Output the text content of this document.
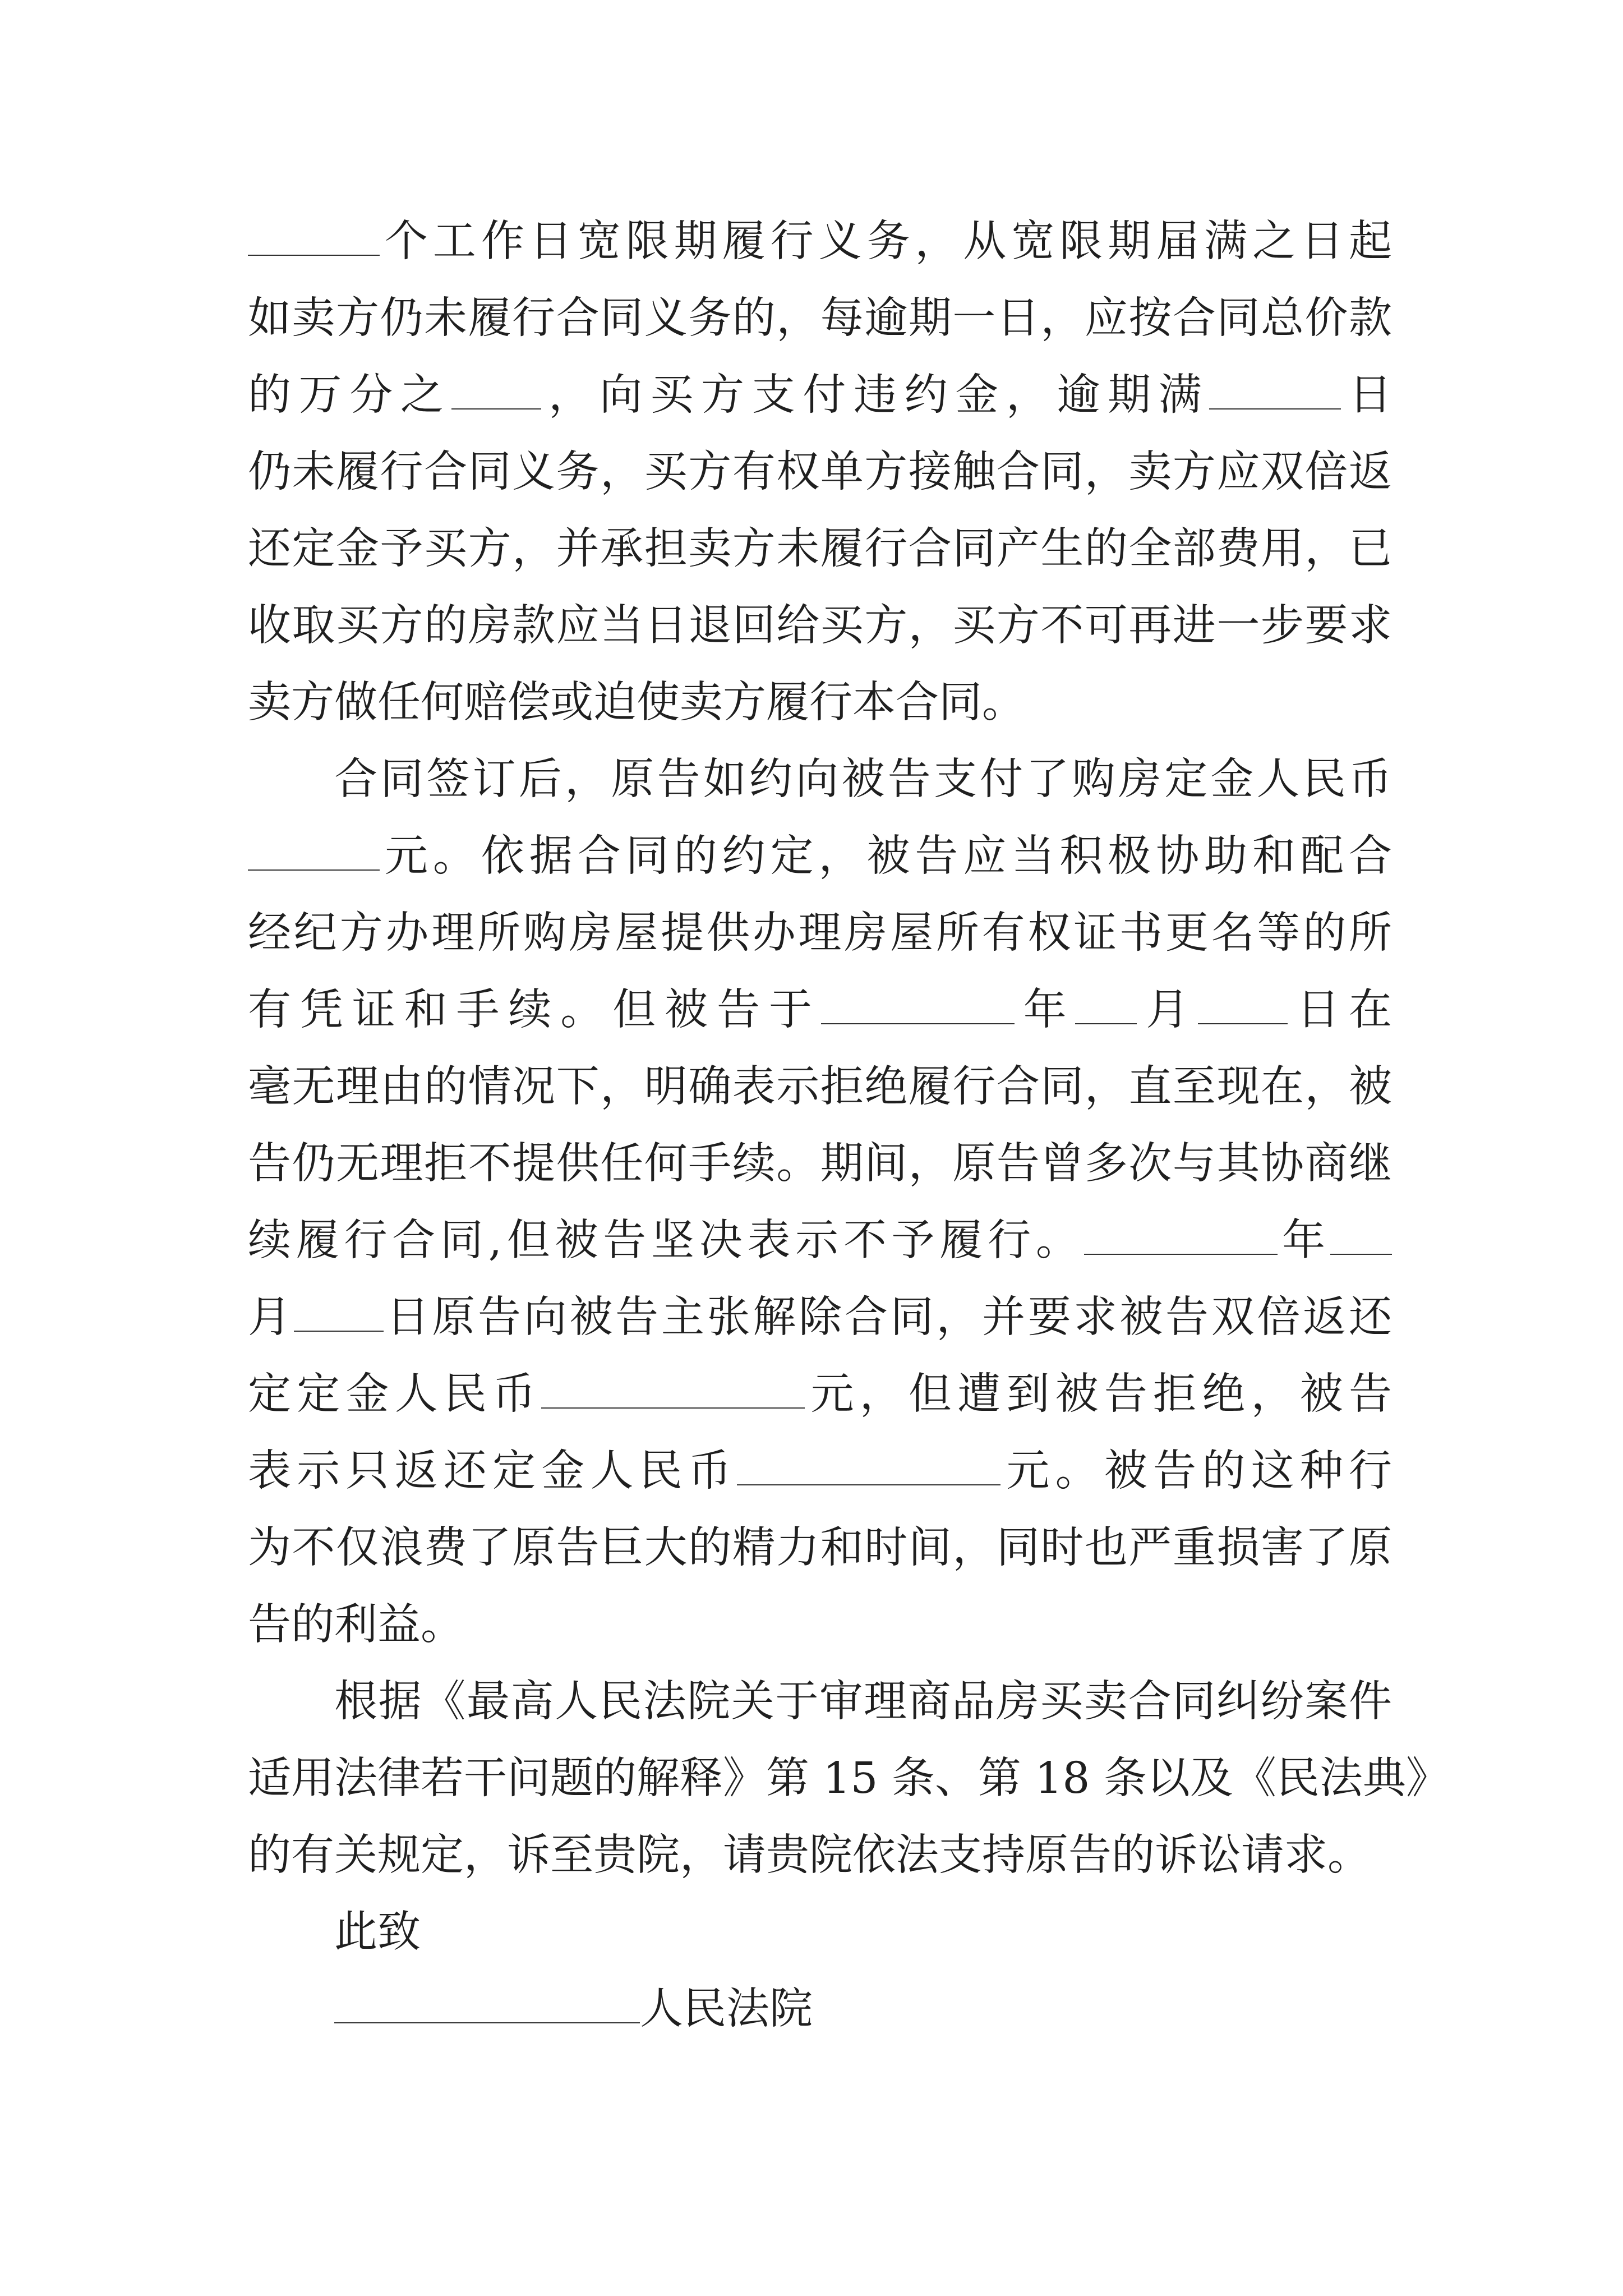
个工作日宽限期履行义务，从宽限期届满之日起
如卖方仍未履行合同义务的，每逾期一日，应按合同总价款
的万分之 ，向买方支付违约金，逾期满	日
仍未履行合同义务，买方有权单方接触合同，卖方应双倍返
还定金予买方，并承担卖方未履行合同产生的全部费用，已
收取买方的房款应当日退回给买方，买方不可再进一步要求
卖方做任何赔偿或迫使卖方履行本合同。
合同签订后，原告如约向被告支付了购房定金人民币
元。依据合同的约定，被告应当积极协助和配合
经纪方办理所购房屋提供办理房屋所有权证书更名等的所
有凭证和手续。但被告于	年 月 日在
毫无理由的情况下，明确表示拒绝履行合同，直至现在，被
告仍无理拒不提供任何手续。期间，原告曾多次与其协商继
续履行合同,但被告坚决表示不予履行。	年
月 日原告向被告主张解除合同，并要求被告双倍返还
定定金人民币	元，但遭到被告拒绝，被告
表示只返还定金人民币	元。被告的这种行
为不仅浪费了原告巨大的精力和时间，同时也严重损害了原
告的利益。
根据《最高人民法院关于审理商品房买卖合同纠纷案件
适用法律若干问题的解释》第 15 条、第 18 条以及《民法典》
的有关规定，诉至贵院，请贵院依法支持原告的诉讼请求。
此致
人民法院
